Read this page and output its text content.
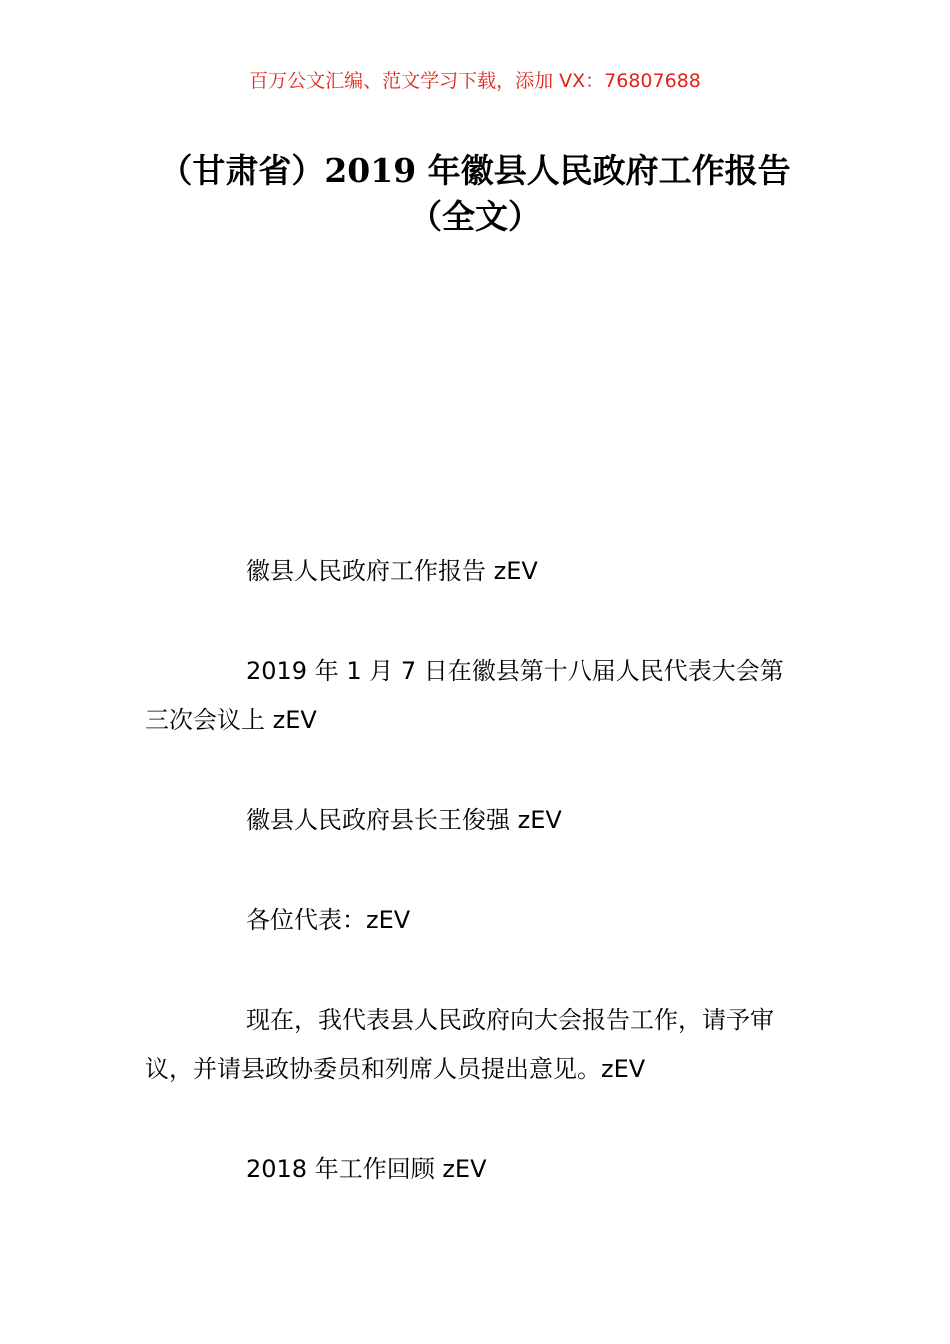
百万公文汇编、范文学习下载，添加 VX：76807688
（甘肃省）2019 年徽县人民政府工作报告（全文）
徽县人民政府工作报告 zEV
2019 年 1 月 7 日在徽县第十八届人民代表大会第三次会议上 zEV
徽县人民政府县长王俊强 zEV
各位代表：zEV
现在，我代表县人民政府向大会报告工作，请予审议，并请县政协委员和列席人员提出意见。zEV
2018 年工作回顾 zEV
